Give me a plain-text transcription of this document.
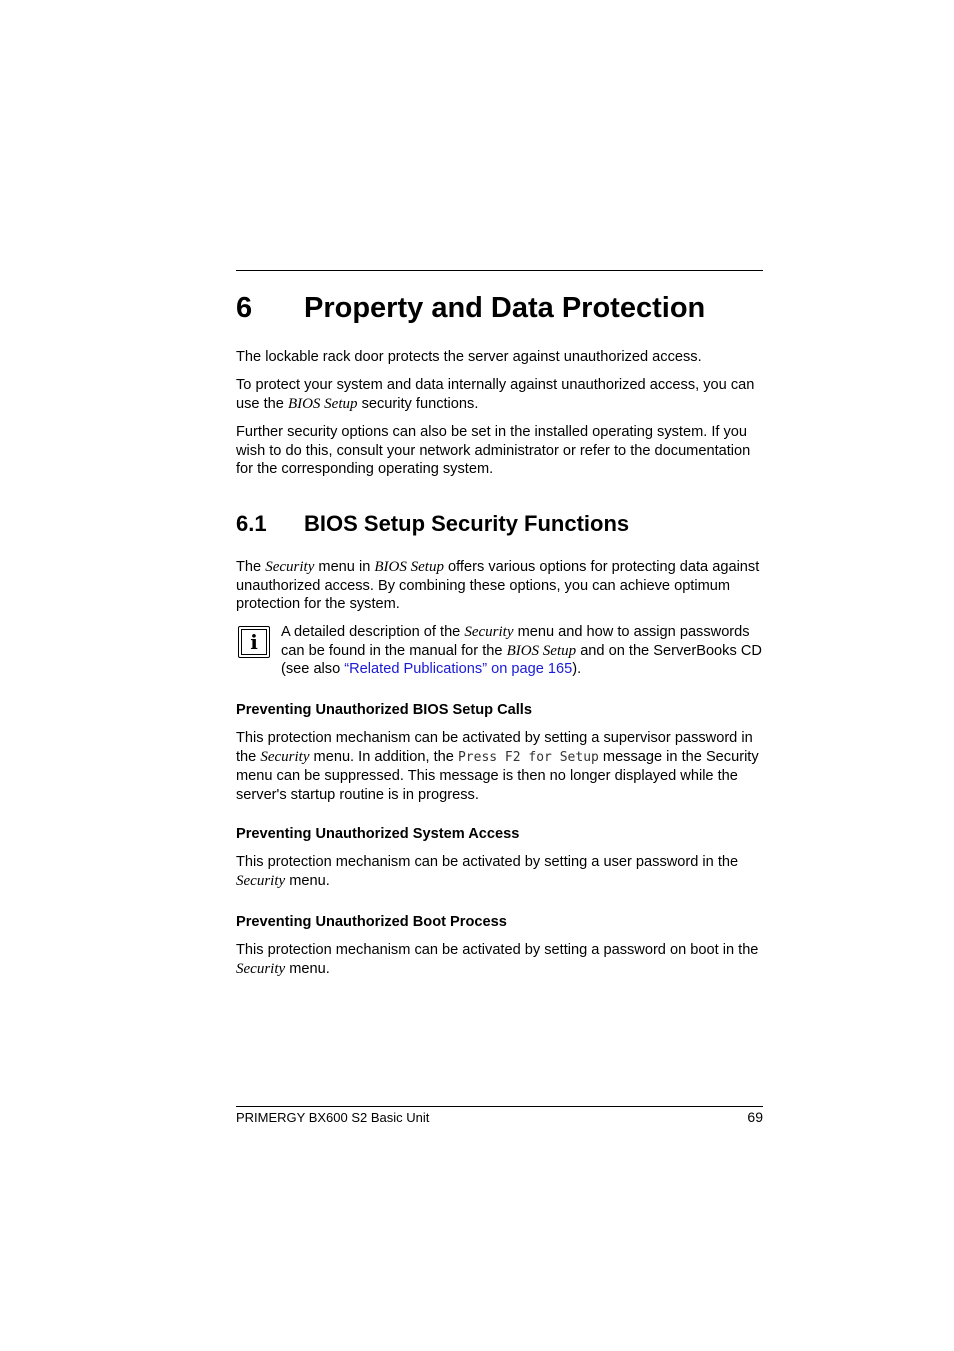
6 Property and Data Protection

The lockable rack door protects the server against unauthorized access.

To protect your system and data internally against unauthorized access, you can use the BIOS Setup security functions.

Further security options can also be set in the installed operating system. If you wish to do this, consult your network administrator or refer to the documentation for the corresponding operating system.

6.1 BIOS Setup Security Functions

The Security menu in BIOS Setup offers various options for protecting data against unauthorized access. By combining these options, you can achieve optimum protection for the system.

i	A detailed description of the Security menu and how to assign passwords can be found in the manual for the BIOS Setup and on the ServerBooks CD (see also “Related Publications” on page 165).

Preventing Unauthorized BIOS Setup Calls

This protection mechanism can be activated by setting a supervisor password in the Security menu. In addition, the Press F2 for Setup message in the Security menu can be suppressed. This message is then no longer displayed while the server's startup routine is in progress.

Preventing Unauthorized System Access

This protection mechanism can be activated by setting a user password in the Security menu.

Preventing Unauthorized Boot Process

This protection mechanism can be activated by setting a password on boot in the Security menu.

PRIMERGY BX600 S2 Basic Unit	69
